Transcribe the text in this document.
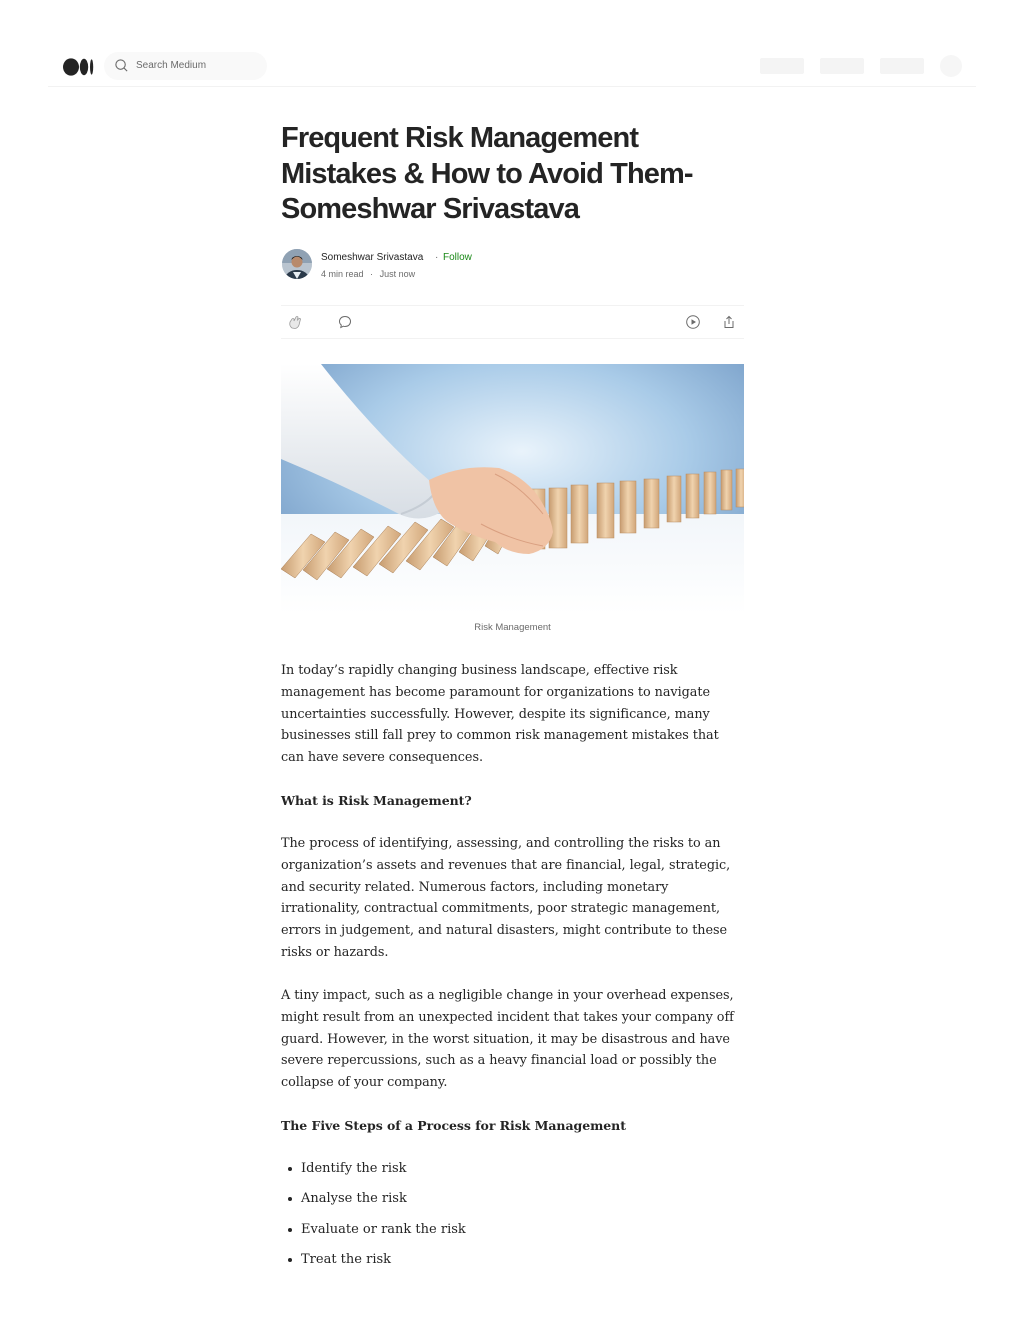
Search Medium
Frequent Risk Management Mistakes & How to Avoid Them- Someshwar Srivastava
Someshwar Srivastava · Follow
4 min read · Just now
Risk Management

In today’s rapidly changing business landscape, effective risk management has become paramount for organizations to navigate uncertainties successfully. However, despite its significance, many businesses still fall prey to common risk management mistakes that can have severe consequences.

What is Risk Management?

The process of identifying, assessing, and controlling the risks to an organization’s assets and revenues that are financial, legal, strategic, and security related. Numerous factors, including monetary irrationality, contractual commitments, poor strategic management, errors in judgement, and natural disasters, might contribute to these risks or hazards.

A tiny impact, such as a negligible change in your overhead expenses, might result from an unexpected incident that takes your company off guard. However, in the worst situation, it may be disastrous and have severe repercussions, such as a heavy financial load or possibly the collapse of your company.

The Five Steps of a Process for Risk Management

Identify the risk
Analyse the risk
Evaluate or rank the risk
Treat the risk
